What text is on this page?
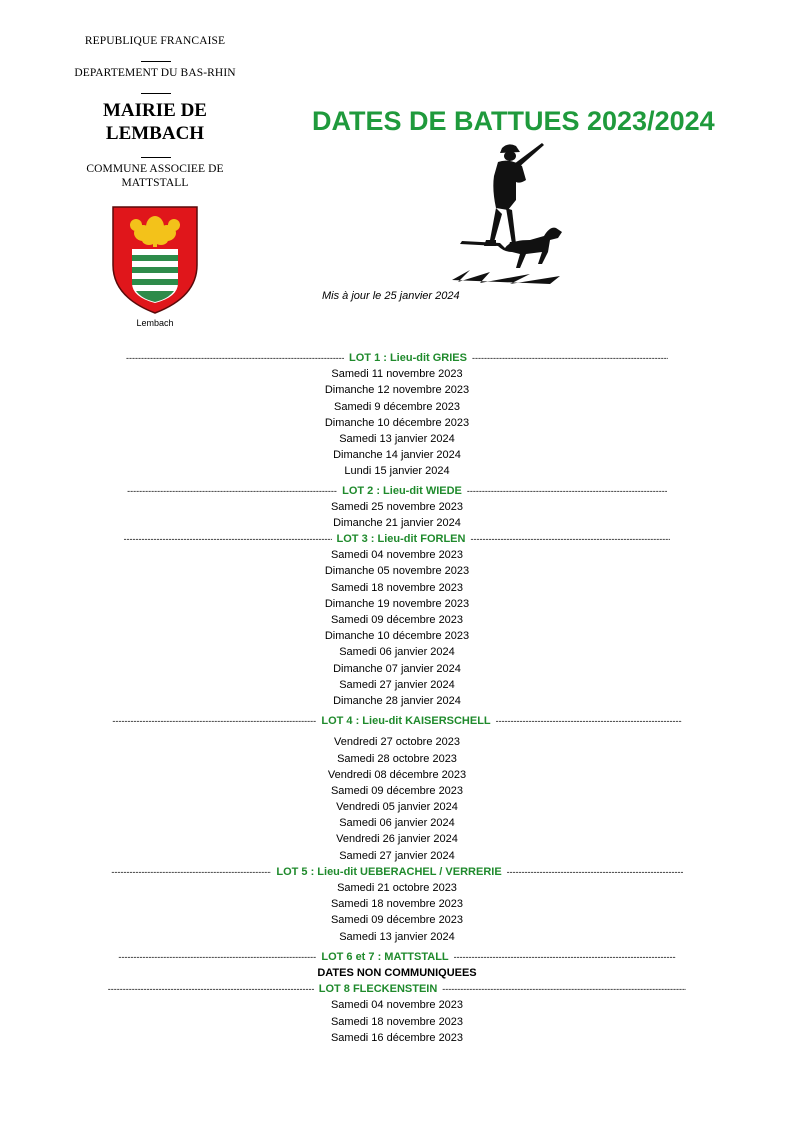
REPUBLIQUE FRANCAISE
DEPARTEMENT DU BAS-RHIN
MAIRIE DE
LEMBACH
COMMUNE ASSOCIEE DE
MATTSTALL
Lembach
DATES DE BATTUES 2023/2024
Mis à jour le 25 janvier 2024
-----
LOT 1 : Lieu-dit GRIES
-----
Samedi 11 novembre 2023
Dimanche 12 novembre 2023
Samedi 9 décembre 2023
Dimanche 10 décembre 2023
Samedi 13 janvier 2024
Dimanche 14 janvier 2024
Lundi 15 janvier 2024
-----
LOT 2 : Lieu-dit WIEDE
-----
Samedi 25 novembre 2023
Dimanche 21 janvier 2024
-----
LOT 3 : Lieu-dit FORLEN
-----
Samedi 04 novembre 2023
Dimanche 05 novembre 2023
Samedi 18 novembre 2023
Dimanche 19 novembre 2023
Samedi 09 décembre 2023
Dimanche 10 décembre 2023
Samedi 06 janvier 2024
Dimanche 07 janvier 2024
Samedi 27 janvier 2024
Dimanche 28 janvier 2024
-----
LOT 4 : Lieu-dit KAISERSCHELL
-----
Vendredi 27 octobre 2023
Samedi 28 octobre 2023
Vendredi 08 décembre 2023
Samedi 09 décembre 2023
Vendredi 05 janvier 2024
Samedi 06 janvier 2024
Vendredi 26 janvier 2024
Samedi 27 janvier 2024
-----
LOT 5 : Lieu-dit UEBERACHEL / VERRERIE
-----
Samedi 21 octobre 2023
Samedi 18 novembre 2023
Samedi 09 décembre 2023
Samedi 13 janvier 2024
-----
LOT 6 et 7 : MATTSTALL
-----
DATES NON COMMUNIQUEES
-----
LOT 8 FLECKENSTEIN
-----
Samedi 04 novembre 2023
Samedi 18 novembre 2023
Samedi 16 décembre 2023
